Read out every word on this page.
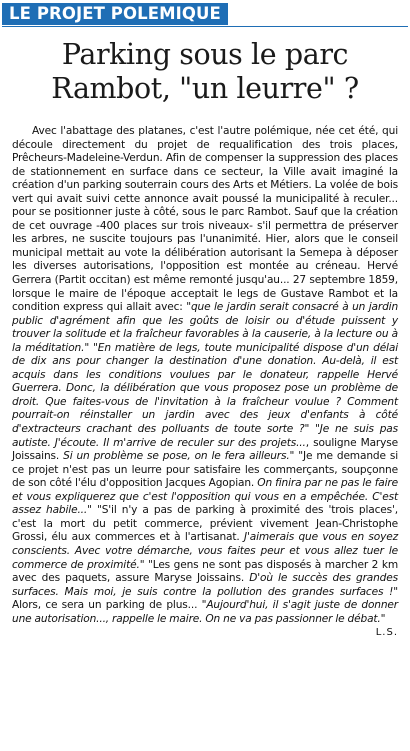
LE PROJET POLEMIQUE
Parking sous le parc Rambot, "un leurre" ?

Avec l'abattage des platanes, c'est l'autre polémique, née cet été, qui découle directement du projet de requalification des trois places, Prêcheurs-Madeleine-Verdun. Afin de compenser la suppression des places de stationnement en surface dans ce secteur, la Ville avait imaginé la création d'un parking souterrain cours des Arts et Métiers. La volée de bois vert qui avait suivi cette annonce avait poussé la municipalité à reculer... pour se positionner juste à côté, sous le parc Rambot. Sauf que la création de cet ouvrage -400 places sur trois niveaux- s'il permettra de préserver les arbres, ne suscite toujours pas l'unanimité. Hier, alors que le conseil municipal mettait au vote la délibération autorisant la Semepa à déposer les diverses autorisations, l'opposition est montée au créneau. Hervé Gerrera (Partit occitan) est même remonté jusqu'au... 27 septembre 1859, lorsque le maire de l'époque acceptait le legs de Gustave Rambot et la condition express qui allait avec: "que le jardin serait consacré à un jardin public d'agrément afin que les goûts de loisir ou d'étude puissent y trouver la solitude et la fraîcheur favorables à la causerie, à la lecture ou à la méditation." "En matière de legs, toute municipalité dispose d'un délai de dix ans pour changer la destination d'une donation. Au-delà, il est acquis dans les conditions voulues par le donateur, rappelle Hervé Guerrera. Donc, la délibération que vous proposez pose un problème de droit. Que faites-vous de l'invitation à la fraîcheur voulue ? Comment pourrait-on réinstaller un jardin avec des jeux d'enfants à côté d'extracteurs crachant des polluants de toute sorte ?" "Je ne suis pas autiste. J'écoute. Il m'arrive de reculer sur des projets..., souligne Maryse Joissains. Si un problème se pose, on le fera ailleurs." "Je me demande si ce projet n'est pas un leurre pour satisfaire les commerçants, soupçonne de son côté l'élu d'opposition Jacques Agopian. On finira par ne pas le faire et vous expliquerez que c'est l'opposition qui vous en a empêchée. C'est assez habile..." "S'il n'y a pas de parking à proximité des 'trois places', c'est la mort du petit commerce, prévient vivement Jean-Christophe Grossi, élu aux commerces et à l'artisanat. J'aimerais que vous en soyez conscients. Avec votre démarche, vous faites peur et vous allez tuer le commerce de proximité." "Les gens ne sont pas disposés à marcher 2 km avec des paquets, assure Maryse Joissains. D'où le succès des grandes surfaces. Mais moi, je suis contre la pollution des grandes surfaces !" Alors, ce sera un parking de plus... "Aujourd'hui, il s'agit juste de donner une autorisation..., rappelle le maire. On ne va pas passionner le débat."
L.S.
